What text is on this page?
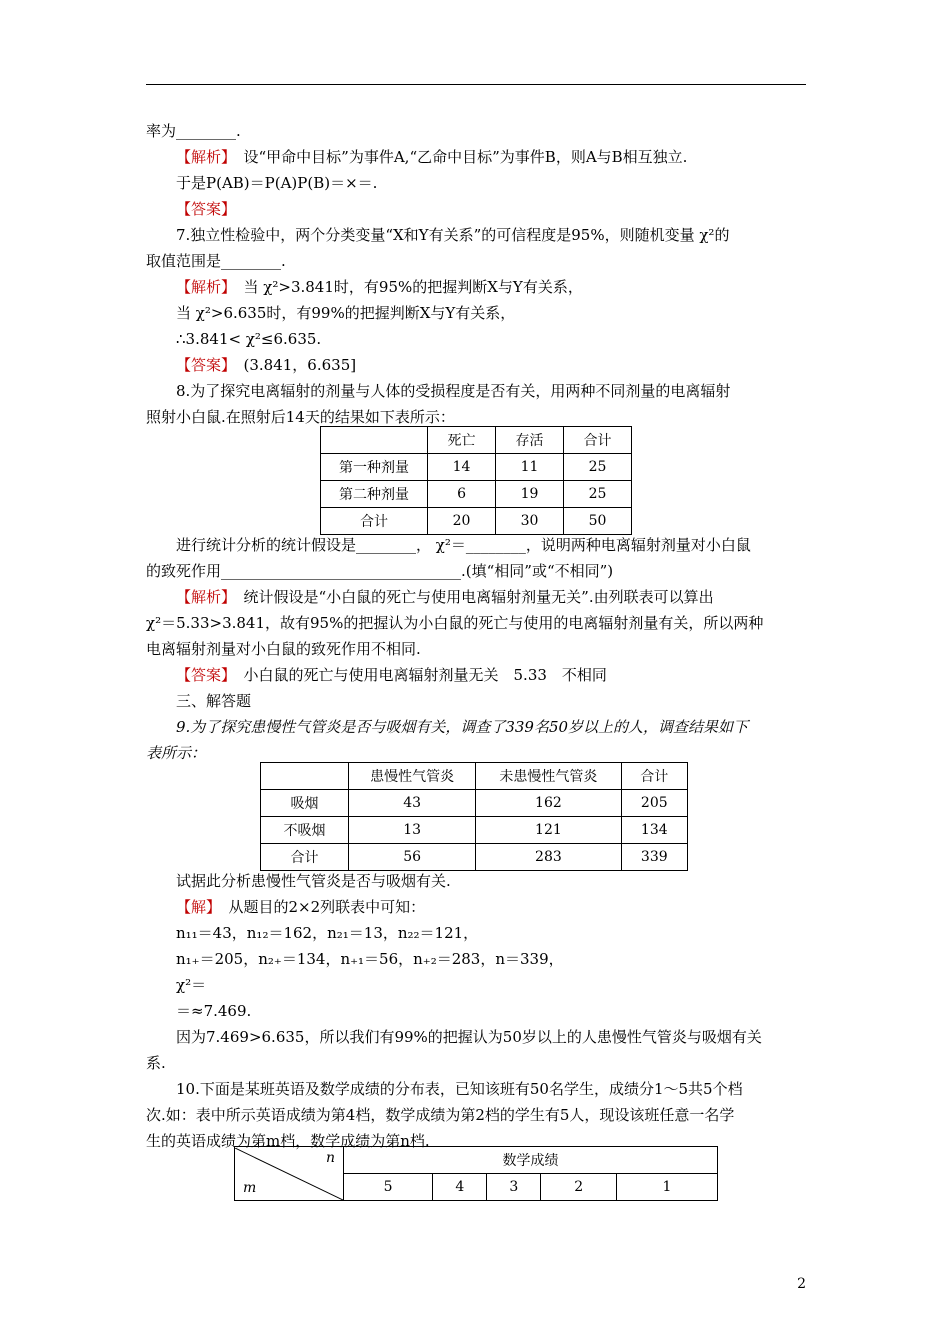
率为________.
【解析】　设“甲命中目标”为事件A,“乙命中目标”为事件B，则A与B相互独立.
于是P(AB)＝P(A)P(B)＝×＝.
【答案】
7.独立性检验中，两个分类变量“X和Y有关系”的可信程度是95%，则随机变量 χ²的
取值范围是________.
【解析】　当 χ²>3.841时，有95%的把握判断X与Y有关系，
当 χ²>6.635时，有99%的把握判断X与Y有关系，
∴3.841< χ²≤6.635.
【答案】　(3.841，6.635]
8.为了探究电离辐射的剂量与人体的受损程度是否有关，用两种不同剂量的电离辐射
照射小白鼠.在照射后14天的结果如下表所示：
	死亡	存活	合计
第一种剂量	14	11	25
第二种剂量	6	19	25
合计	20	30	50
进行统计分析的统计假设是________， χ²＝________，说明两种电离辐射剂量对小白鼠
的致死作用________________________________.(填“相同”或“不相同”)
【解析】　统计假设是“小白鼠的死亡与使用电离辐射剂量无关”.由列联表可以算出
χ²＝5.33>3.841，故有95%的把握认为小白鼠的死亡与使用的电离辐射剂量有关，所以两种
电离辐射剂量对小白鼠的致死作用不相同.
【答案】　小白鼠的死亡与使用电离辐射剂量无关　5.33　不相同
三、解答题
9.为了探究患慢性气管炎是否与吸烟有关，调查了339名50岁以上的人，调查结果如下
表所示：
	患慢性气管炎	未患慢性气管炎	合计
吸烟	43	162	205
不吸烟	13	121	134
合计	56	283	339
试据此分析患慢性气管炎是否与吸烟有关.
【解】　从题目的2×2列联表中可知：
n₁₁＝43，n₁₂＝162，n₂₁＝13，n₂₂＝121，
n₁₊＝205，n₂₊＝134，n₊₁＝56，n₊₂＝283，n＝339，
χ²＝
＝≈7.469.
因为7.469>6.635，所以我们有99%的把握认为50岁以上的人患慢性气管炎与吸烟有关
系.
10.下面是某班英语及数学成绩的分布表，已知该班有50名学生，成绩分1～5共5个档
次.如：表中所示英语成绩为第4档，数学成绩为第2档的学生有5人，现设该班任意一名学
生的英语成绩为第m档，数学成绩为第n档.
n
m	数学成绩				
	5	4	3	2	1
2
